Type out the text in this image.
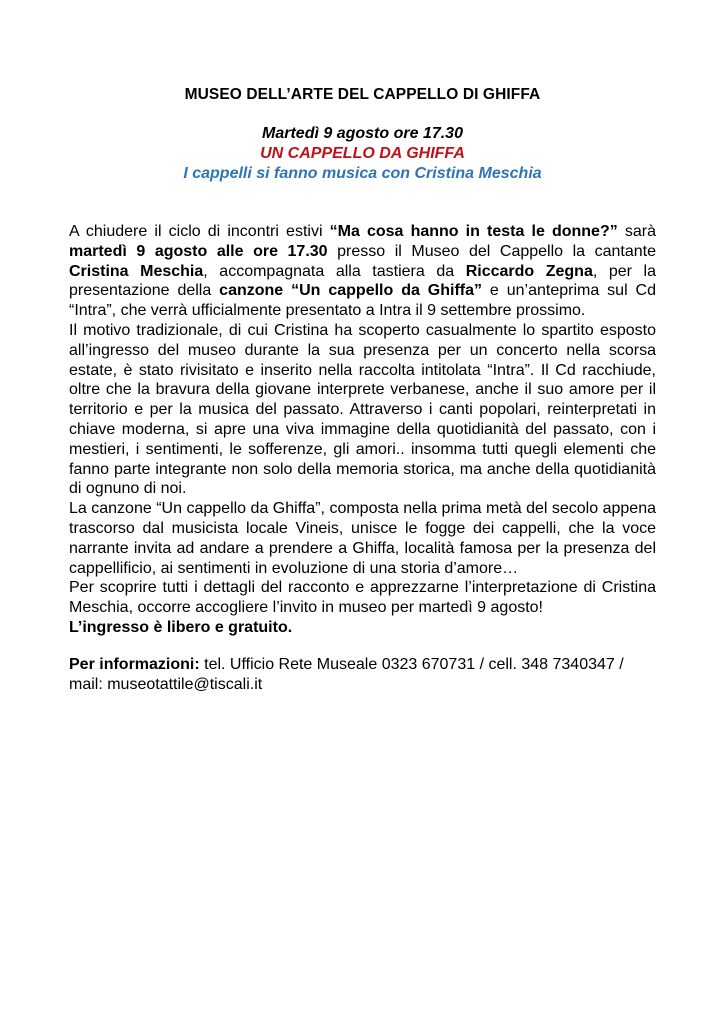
MUSEO DELL’ARTE DEL CAPPELLO DI GHIFFA
Martedì 9 agosto ore 17.30
UN CAPPELLO DA GHIFFA
I cappelli si fanno musica con Cristina Meschia

A chiudere il ciclo di incontri estivi “Ma cosa hanno in testa le donne?” sarà martedì 9 agosto alle ore 17.30 presso il Museo del Cappello la cantante Cristina Meschia, accompagnata alla tastiera da Riccardo Zegna, per la presentazione della canzone “Un cappello da Ghiffa” e un’anteprima sul Cd “Intra”, che verrà ufficialmente presentato a Intra il 9 settembre prossimo.

Il motivo tradizionale, di cui Cristina ha scoperto casualmente lo spartito esposto all’ingresso del museo durante la sua presenza per un concerto nella scorsa estate, è stato rivisitato e inserito nella raccolta intitolata “Intra”. Il Cd racchiude, oltre che la bravura della giovane interprete verbanese, anche il suo amore per il territorio e per la musica del passato. Attraverso i canti popolari, reinterpretati in chiave moderna, si apre una viva immagine della quotidianità del passato, con i mestieri, i sentimenti, le sofferenze, gli amori.. insomma tutti quegli elementi che fanno parte integrante non solo della memoria storica, ma anche della quotidianità di ognuno di noi.

La canzone “Un cappello da Ghiffa”, composta nella prima metà del secolo appena trascorso dal musicista locale Vineis, unisce le fogge dei cappelli, che la voce narrante invita ad andare a prendere a Ghiffa, località famosa per la presenza del cappellificio, ai sentimenti in evoluzione di una storia d’amore…

Per scoprire tutti i dettagli del racconto e apprezzarne l’interpretazione di Cristina Meschia, occorre accogliere l’invito in museo per martedì 9 agosto!

L’ingresso è libero e gratuito.

Per informazioni: tel. Ufficio Rete Museale 0323 670731 / cell. 348 7340347 / mail: museotattile@tiscali.it
